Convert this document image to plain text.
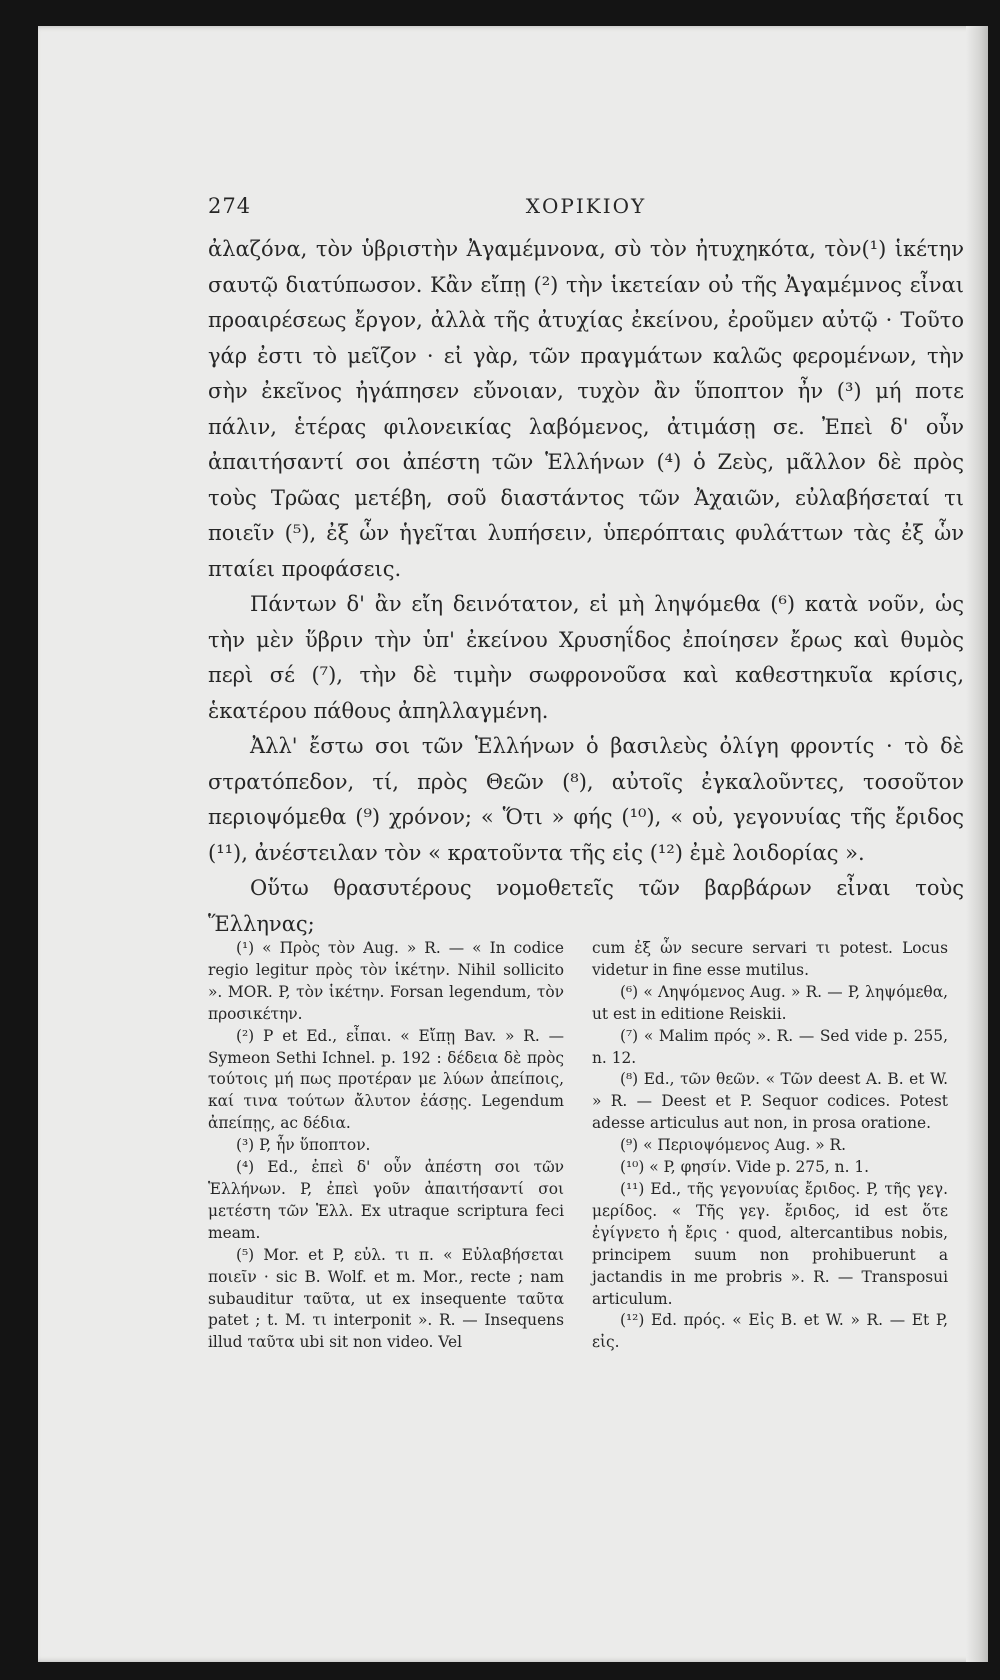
274	ΧΟΡΙΚΙΟΥ

ἀλαζόνα, τὸν ὑβριστὴν Ἀγαμέμνονα, σὺ τὸν ἠτυχηκότα, τὸν(¹) ἱκέτην σαυτῷ διατύπωσον. Κἂν εἴπῃ (²) τὴν ἱκετείαν οὐ τῆς Ἀγαμέμνος εἶναι προαιρέσεως ἔργον, ἀλλὰ τῆς ἀτυχίας ἐκείνου, ἐροῦμεν αὐτῷ · Τοῦτο γάρ ἐστι τὸ μεῖζον · εἰ γὰρ, τῶν πραγμάτων καλῶς φερομένων, τὴν σὴν ἐκεῖνος ἠγάπησεν εὔνοιαν, τυχὸν ἂν ὕποπτον ἦν (³) μή ποτε πάλιν, ἑτέρας φιλονεικίας λαβόμενος, ἀτιμάσῃ σε. Ἐπεὶ δ' οὖν ἀπαιτήσαντί σοι ἀπέστη τῶν Ἑλλήνων (⁴) ὁ Ζεὺς, μᾶλλον δὲ πρὸς τοὺς Τρῶας μετέβη, σοῦ διαστάντος τῶν Ἀχαιῶν, εὐλαβήσεταί τι ποιεῖν (⁵), ἐξ ὧν ἡγεῖται λυπήσειν, ὑπερόπταις φυλάττων τὰς ἐξ ὧν πταίει προφάσεις.

Πάντων δ' ἂν εἴη δεινότατον, εἰ μὴ ληψόμεθα (⁶) κατὰ νοῦν, ὡς τὴν μὲν ὕβριν τὴν ὑπ' ἐκείνου Χρυσηΐδος ἐποίησεν ἔρως καὶ θυμὸς περὶ σέ (⁷), τὴν δὲ τιμὴν σωφρονοῦσα καὶ καθεστηκυῖα κρίσις, ἑκατέρου πάθους ἀπηλλαγμένη.

Ἀλλ' ἔστω σοι τῶν Ἑλλήνων ὁ βασιλεὺς ὀλίγη φροντίς · τὸ δὲ στρατόπεδον, τί, πρὸς Θεῶν (⁸), αὐτοῖς ἐγκαλοῦντες, τοσοῦτον περιοψόμεθα (⁹) χρόνον; « Ὅτι » φής (¹⁰), « οὐ, γεγονυίας τῆς ἔριδος (¹¹), ἀνέστειλαν τὸν « κρατοῦντα τῆς εἰς (¹²) ἐμὲ λοιδορίας ».

Οὕτω θρασυτέρους νομοθετεῖς τῶν βαρβάρων εἶναι τοὺς Ἕλληνας;

(¹) « Πρὸς τὸν Aug. » R. — « In codice regio legitur πρὸς τὸν ἱκέτην. Nihil sollicito ». MOR. P, τὸν ἱκέτην. Forsan legendum, τὸν προσικέτην.

(²) P et Ed., εἶπαι. « Εἴπῃ Bav. » R. — Symeon Sethi Ichnel. p. 192 : δέδεια δὲ πρὸς τούτοις μή πως προτέραν με λύων ἀπείποις, καί τινα τούτων ἄλυτον ἐάσῃς. Legendum ἀπείπῃς, ac δέδια.

(³) P, ἦν ὕποπτον.

(⁴) Ed., ἐπεὶ δ' οὖν ἀπέστη σοι τῶν Ἑλλήνων. P, ἐπεὶ γοῦν ἀπαιτήσαντί σοι μετέστη τῶν Ἑλλ. Ex utraque scriptura feci meam.

(⁵) Mor. et P, εὐλ. τι π. « Εὐλαβήσεται ποιεῖν · sic B. Wolf. et m. Mor., recte ; nam subauditur ταῦτα, ut ex insequente ταῦτα patet ; t. M. τι interponit ». R. — Insequens illud ταῦτα ubi sit non video. Vel

cum ἐξ ὧν secure servari τι potest. Locus videtur in fine esse mutilus.

(⁶) « Ληψόμενος Aug. » R. — P, ληψόμεθα, ut est in editione Reiskii.

(⁷) « Malim πρός ». R. — Sed vide p. 255, n. 12.

(⁸) Ed., τῶν θεῶν. « Τῶν deest A. B. et W. » R. — Deest et P. Sequor codices. Potest adesse articulus aut non, in prosa oratione.

(⁹) « Περιοψόμενος Aug. » R.

(¹⁰) « P, φησίν. Vide p. 275, n. 1.

(¹¹) Ed., τῆς γεγονυίας ἔριδος. P, τῆς γεγ. μερίδος. « Τῆς γεγ. ἔριδος, id est ὅτε ἐγίγνετο ἡ ἔρις · quod, altercantibus nobis, principem suum non prohibuerunt a jactandis in me probris ». R. — Transposui articulum.

(¹²) Ed. πρός. « Εἰς B. et W. » R. — Et P, εἰς.
